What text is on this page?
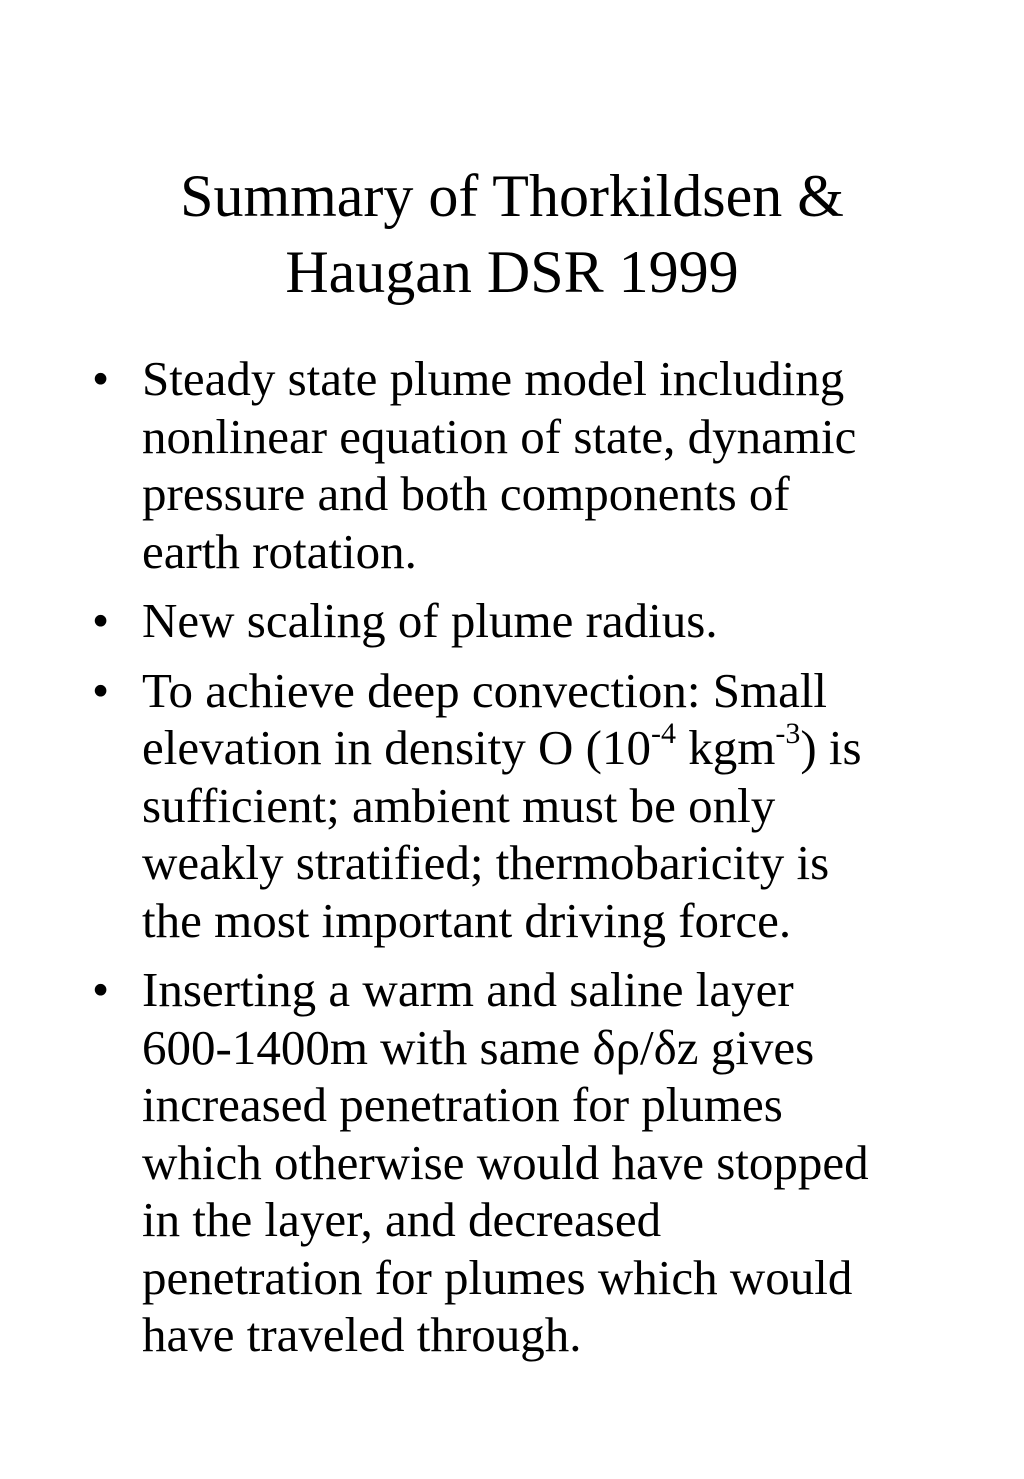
Summary of Thorkildsen &
Haugan DSR 1999
• Steady state plume model including
nonlinear equation of state, dynamic
pressure and both components of
earth rotation.
• New scaling of plume radius.
• To achieve deep convection: Small
elevation in density O ($10^{-4}$ kgm$^{-3}$) is
sufficient; ambient must be only
weakly stratified; thermobaricity is
the most important driving force.
• Inserting a warm and saline layer
600-1400m with same δρ/δz gives
increased penetration for plumes
which otherwise would have stopped
in the layer, and decreased
penetration for plumes which would
have traveled through.
